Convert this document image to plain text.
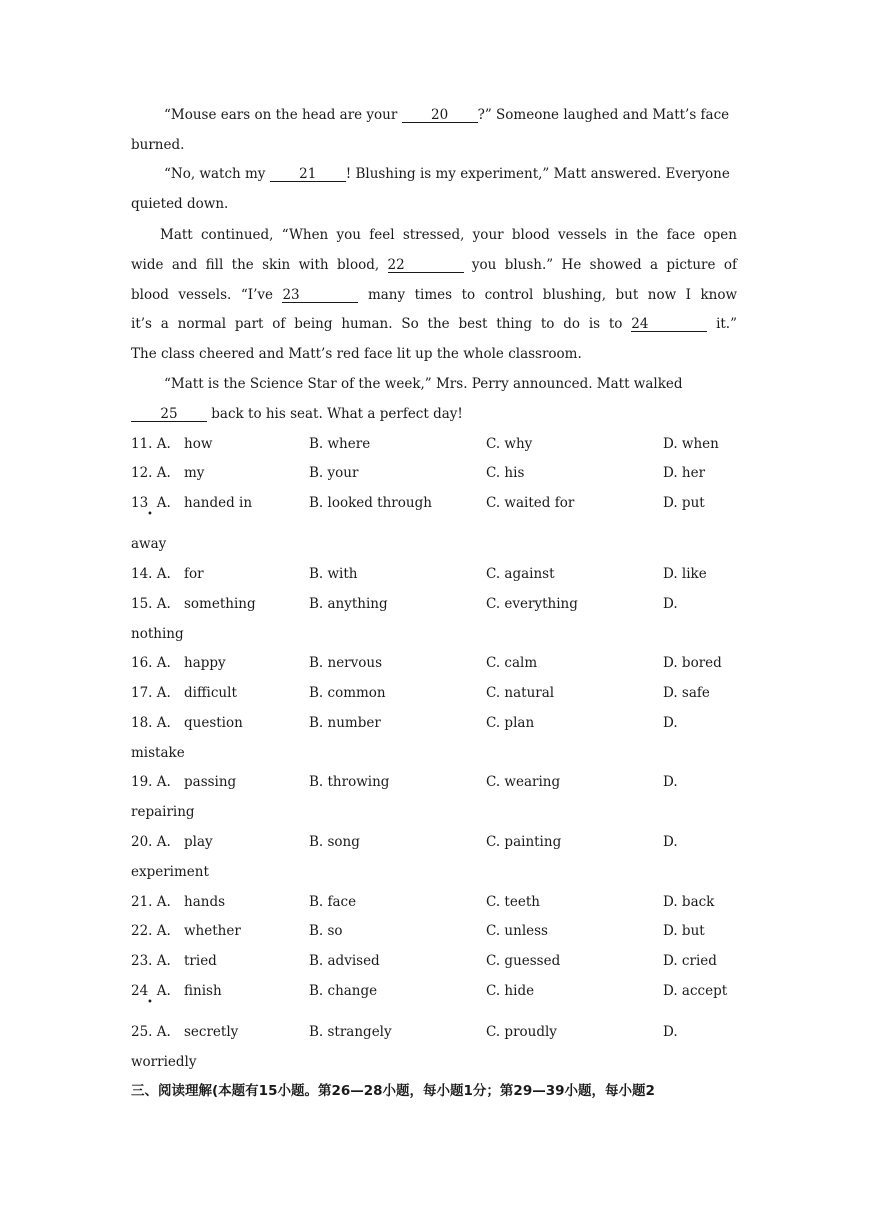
“Mouse ears on the head are your 20 ?” Someone laughed and Matt’s face
burned.
“No, watch my 21 ! Blushing is my experiment,” Matt answered. Everyone
quieted down.
Matt continued, “When you feel stressed, your blood vessels in the face open
wide and fill the skin with blood, 22	you blush.” He showed a picture of
blood vessels. “I’ve 23	many times to control blushing, but now I know
it’s a normal part of being human. So the best thing to do is to 24	it.”
The class cheered and Matt’s red face lit up the whole classroom.
“Matt is the Science Star of the week,” Mrs. Perry announced. Matt walked
25 back to his seat. What a perfect day!
11. A. how	B. where	C. why	D. when
12. A. my	B. your	C. his	D. her
13  A. handed in	B. looked through	C. waited for	D. put
•
away
14. A. for	B. with	C. against	D. like
15. A. something	B. anything	C. everything	D.
nothing
16. A. happy	B. nervous	C. calm	D. bored
17. A. difficult	B. common	C. natural	D. safe
18. A. question	B. number	C. plan	D.
mistake
19. A. passing	B. throwing	C. wearing	D.
repairing
20. A. play	B. song	C. painting	D.
experiment
21. A. hands	B. face	C. teeth	D. back
22. A. whether	B. so	C. unless	D. but
23. A. tried	B. advised	C. guessed	D. cried
24  A. finish	B. change	C. hide	D. accept
•
25. A. secretly	B. strangely	C. proudly	D.
worriedly
三、阅读理解(本题有15小题。第26—28小题，每小题1分；第29—39小题，每小题2
